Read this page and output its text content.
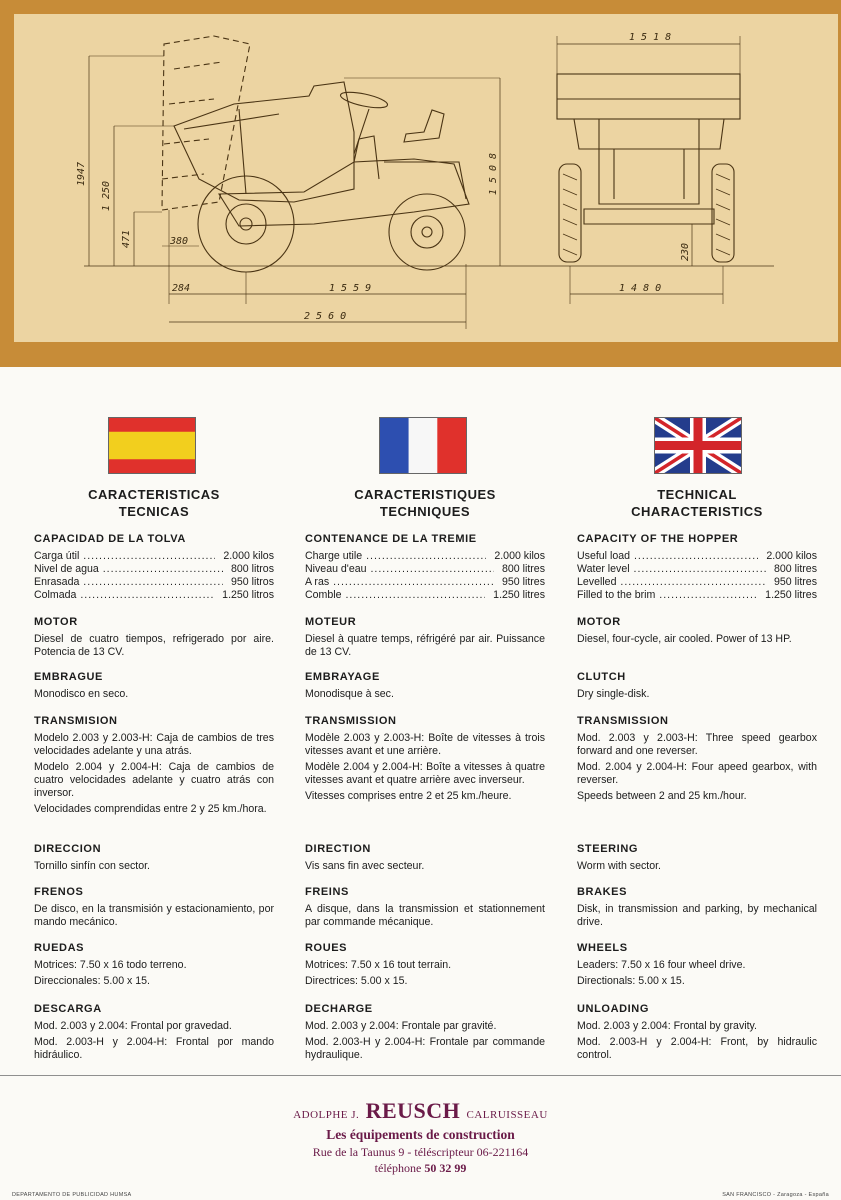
1947
1 250
471	380
1 5 0 8
284	1 5 5 9
2 5 6 0
1 5 1 8
230
1 4 8 0
CARACTERISTICAS
TECNICAS
CAPACIDAD DE LA TOLVA
Carga útil .....	2.000 kilos
Nivel de agua .....	800 litros
Enrasada .....	950 litros
Colmada .....	1.250 litros
MOTOR
Diesel de cuatro tiempos, refrigerado por aire. Potencia de 13 CV.
EMBRAGUE
Monodisco en seco.
TRANSMISION
Modelo 2.003 y 2.003-H: Caja de cambios de tres velocidades adelante y una atrás.
Modelo 2.004 y 2.004-H: Caja de cambios de cuatro velocidades adelante y cuatro atrás con inversor.
Velocidades comprendidas entre 2 y 25 km./hora.
DIRECCION
Tornillo sinfín con sector.
FRENOS
De disco, en la transmisión y estacionamiento, por mando mecánico.
RUEDAS
Motrices: 7.50 x 16 todo terreno.
Direccionales: 5.00 x 15.
DESCARGA
Mod. 2.003 y 2.004: Frontal por gravedad.
Mod. 2.003-H y 2.004-H: Frontal por mando hidráulico.
CARACTERISTIQUES
TECHNIQUES
CONTENANCE DE LA TREMIE
Charge utile .....	2.000 kilos
Niveau d'eau .....	800 litres
A ras .....	950 litres
Comble .....	1.250 litres
MOTEUR
Diesel à quatre temps, réfrigéré par air. Puissance de 13 CV.
EMBRAYAGE
Monodisque à sec.
TRANSMISSION
Modèle 2.003 y 2.003-H: Boîte de vitesses à trois vitesses avant et une arrière.
Modèle 2.004 y 2.004-H: Boîte a vitesses à quatre vitesses avant et quatre arrière avec inverseur.
Vitesses comprises entre 2 et 25 km./heure.
DIRECTION
Vis sans fin avec secteur.
FREINS
A disque, dans la transmission et stationnement par commande mécanique.
ROUES
Motrices: 7.50 x 16 tout terrain.
Directrices: 5.00 x 15.
DECHARGE
Mod. 2.003 y 2.004: Frontale par gravité.
Mod. 2.003-H y 2.004-H: Frontale par commande hydraulique.
TECHNICAL
CHARACTERISTICS
CAPACITY OF THE HOPPER
Useful load .....	2.000 kilos
Water level .....	800 litres
Levelled .....	950 litres
Filled to the brim .....	1.250 litres
MOTOR
Diesel, four-cycle, air cooled. Power of 13 HP.
CLUTCH
Dry single-disk.
TRANSMISSION
Mod. 2.003 y 2.003-H: Three speed gearbox forward and one reverser.
Mod. 2.004 y 2.004-H: Four apeed gearbox, with reverser.
Speeds between 2 and 25 km./hour.
STEERING
Worm with sector.
BRAKES
Disk, in transmission and parking, by mechanical drive.
WHEELS
Leaders: 7.50 x 16 four wheel drive.
Directionals: 5.00 x 15.
UNLOADING
Mod. 2.003 y 2.004: Frontal by gravity.
Mod. 2.003-H y 2.004-H: Front, by hidraulic control.
ADOLPHE J. REUSCH CALRUISSEAU
Les équipements de construction
Rue de la Taunus 9 - téléscripteur 06-221164
téléphone 50 32 99
DEPARTAMENTO DE PUBLICIDAD HUMSA	SAN FRANCISCO - Zaragoza - España
